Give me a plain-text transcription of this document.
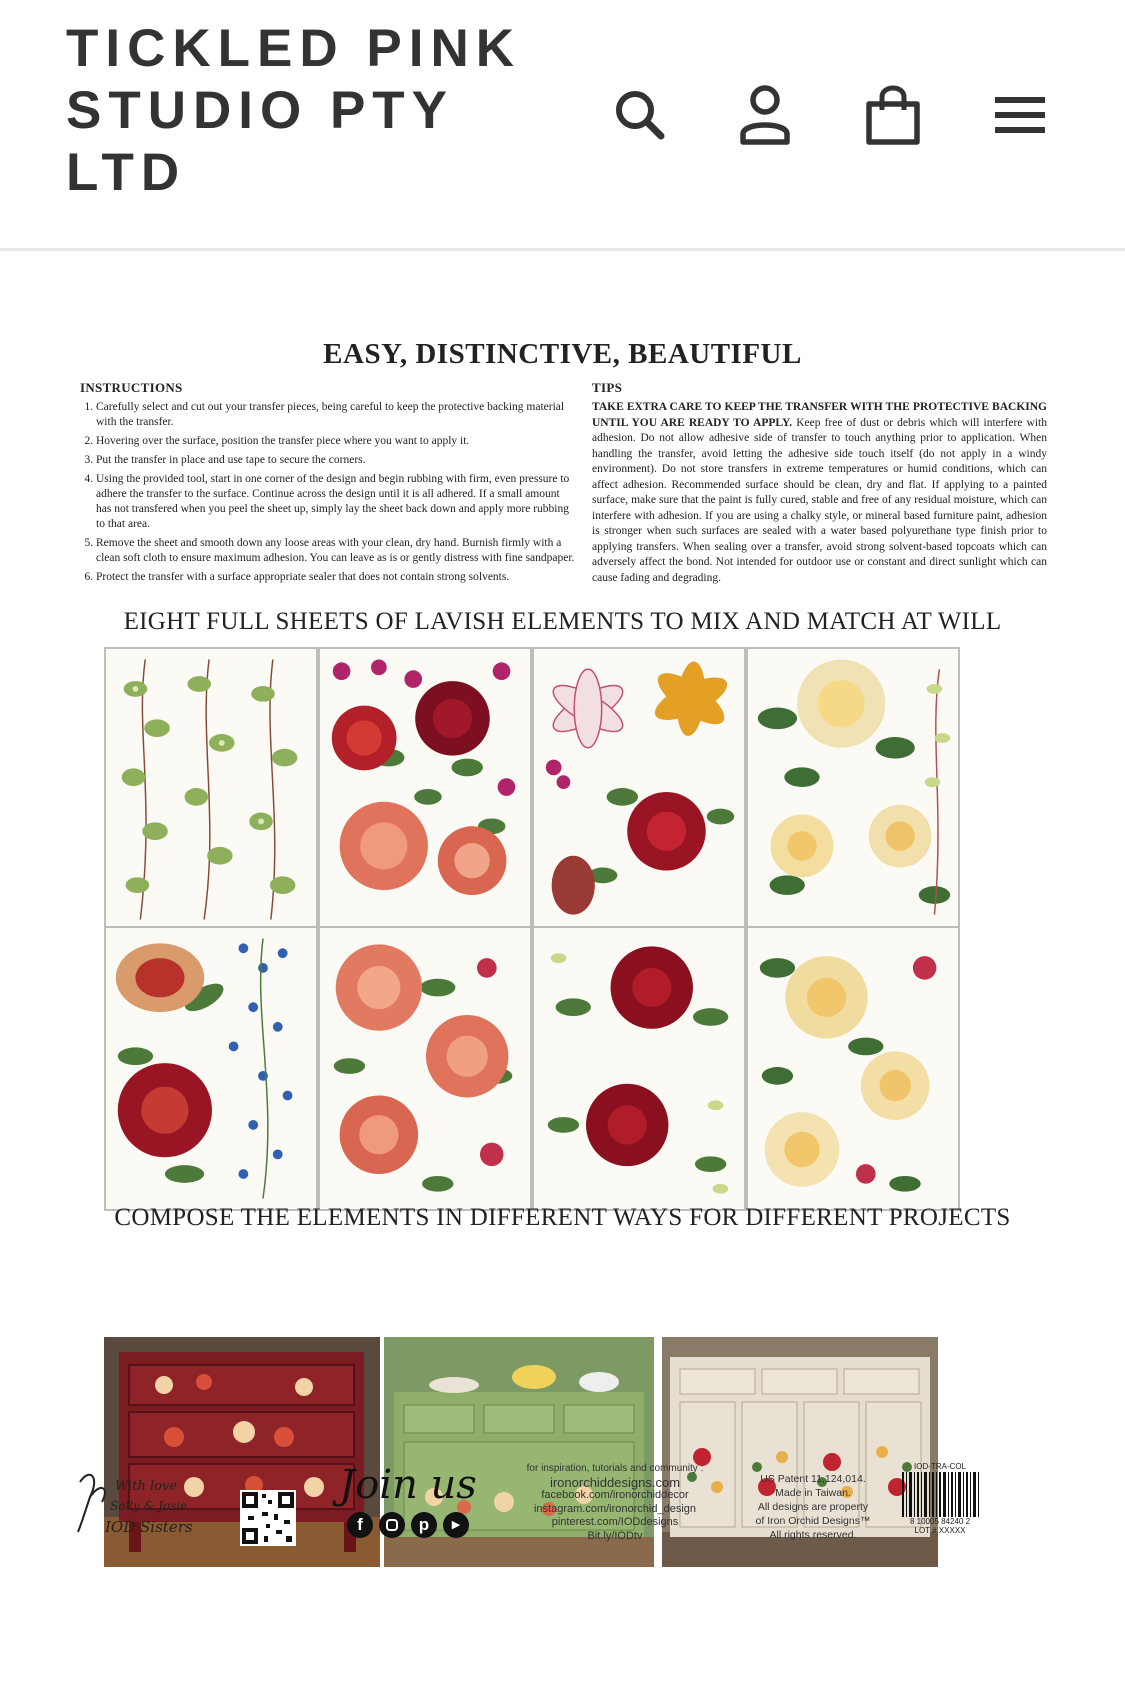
TICKLED PINK STUDIO PTY LTD
EASY, DISTINCTIVE, BEAUTIFUL
INSTRUCTIONS
1. Carefully select and cut out your transfer pieces, being careful to keep the protective backing material with the transfer.
2. Hovering over the surface, position the transfer piece where you want to apply it.
3. Put the transfer in place and use tape to secure the corners.
4. Using the provided tool, start in one corner of the design and begin rubbing with firm, even pressure to adhere the transfer to the surface. Continue across the design until it is all adhered. If a small amount has not transfered when you peel the sheet up, simply lay the sheet back down and apply more rubbing to that area.
5. Remove the sheet and smooth down any loose areas with your clean, dry hand. Burnish firmly with a clean soft cloth to ensure maximum adhesion. You can leave as is or gently distress with fine sandpaper.
6. Protect the transfer with a surface appropriate sealer that does not contain strong solvents.
TIPS

TAKE EXTRA CARE TO KEEP THE TRANSFER WITH THE PROTECTIVE BACKING UNTIL YOU ARE READY TO APPLY. Keep free of dust or debris which will interfere with adhesion. Do not allow adhesive side of transfer to touch anything prior to application. When handling the transfer, avoid letting the adhesive side touch itself (do not apply in a windy environment). Do not store transfers in extreme temperatures or humid conditions, which can affect adhesion. Recommended surface should be clean, dry and flat. If applying to a painted surface, make sure that the paint is fully cured, stable and free of any residual moisture, which can interfere with adhesion. If you are using a chalky style, or mineral based furniture paint, adhesion is stronger when such surfaces are sealed with a water based polyurethane type finish prior to applying transfers. When sealing over a transfer, avoid strong solvent-based topcoats which can adversely affect the bond. Not intended for outdoor use or constant and direct sunlight which can cause fading and degrading.

EIGHT FULL SHEETS OF LAVISH ELEMENTS TO MIX AND MATCH AT WILL
COMPOSE THE ELEMENTS IN DIFFERENT WAYS FOR DIFFERENT PROJECTS
With love
Sally & Josie
IOD Sisters
Join us
f	p	▶
for inspiration, tutorials and community :
ironorchiddesigns.com
facebook.com/ironorchiddecor
instagram.com/ironorchid_design
pinterest.com/IODdesigns
Bit.ly/IODtv
US Patent 11,124,014.
Made in Taiwan.
All designs are property
of Iron Orchid Designs™
All rights reserved.
IOD-TRA-COL
8 10005 84240 2
LOT # XXXXX
